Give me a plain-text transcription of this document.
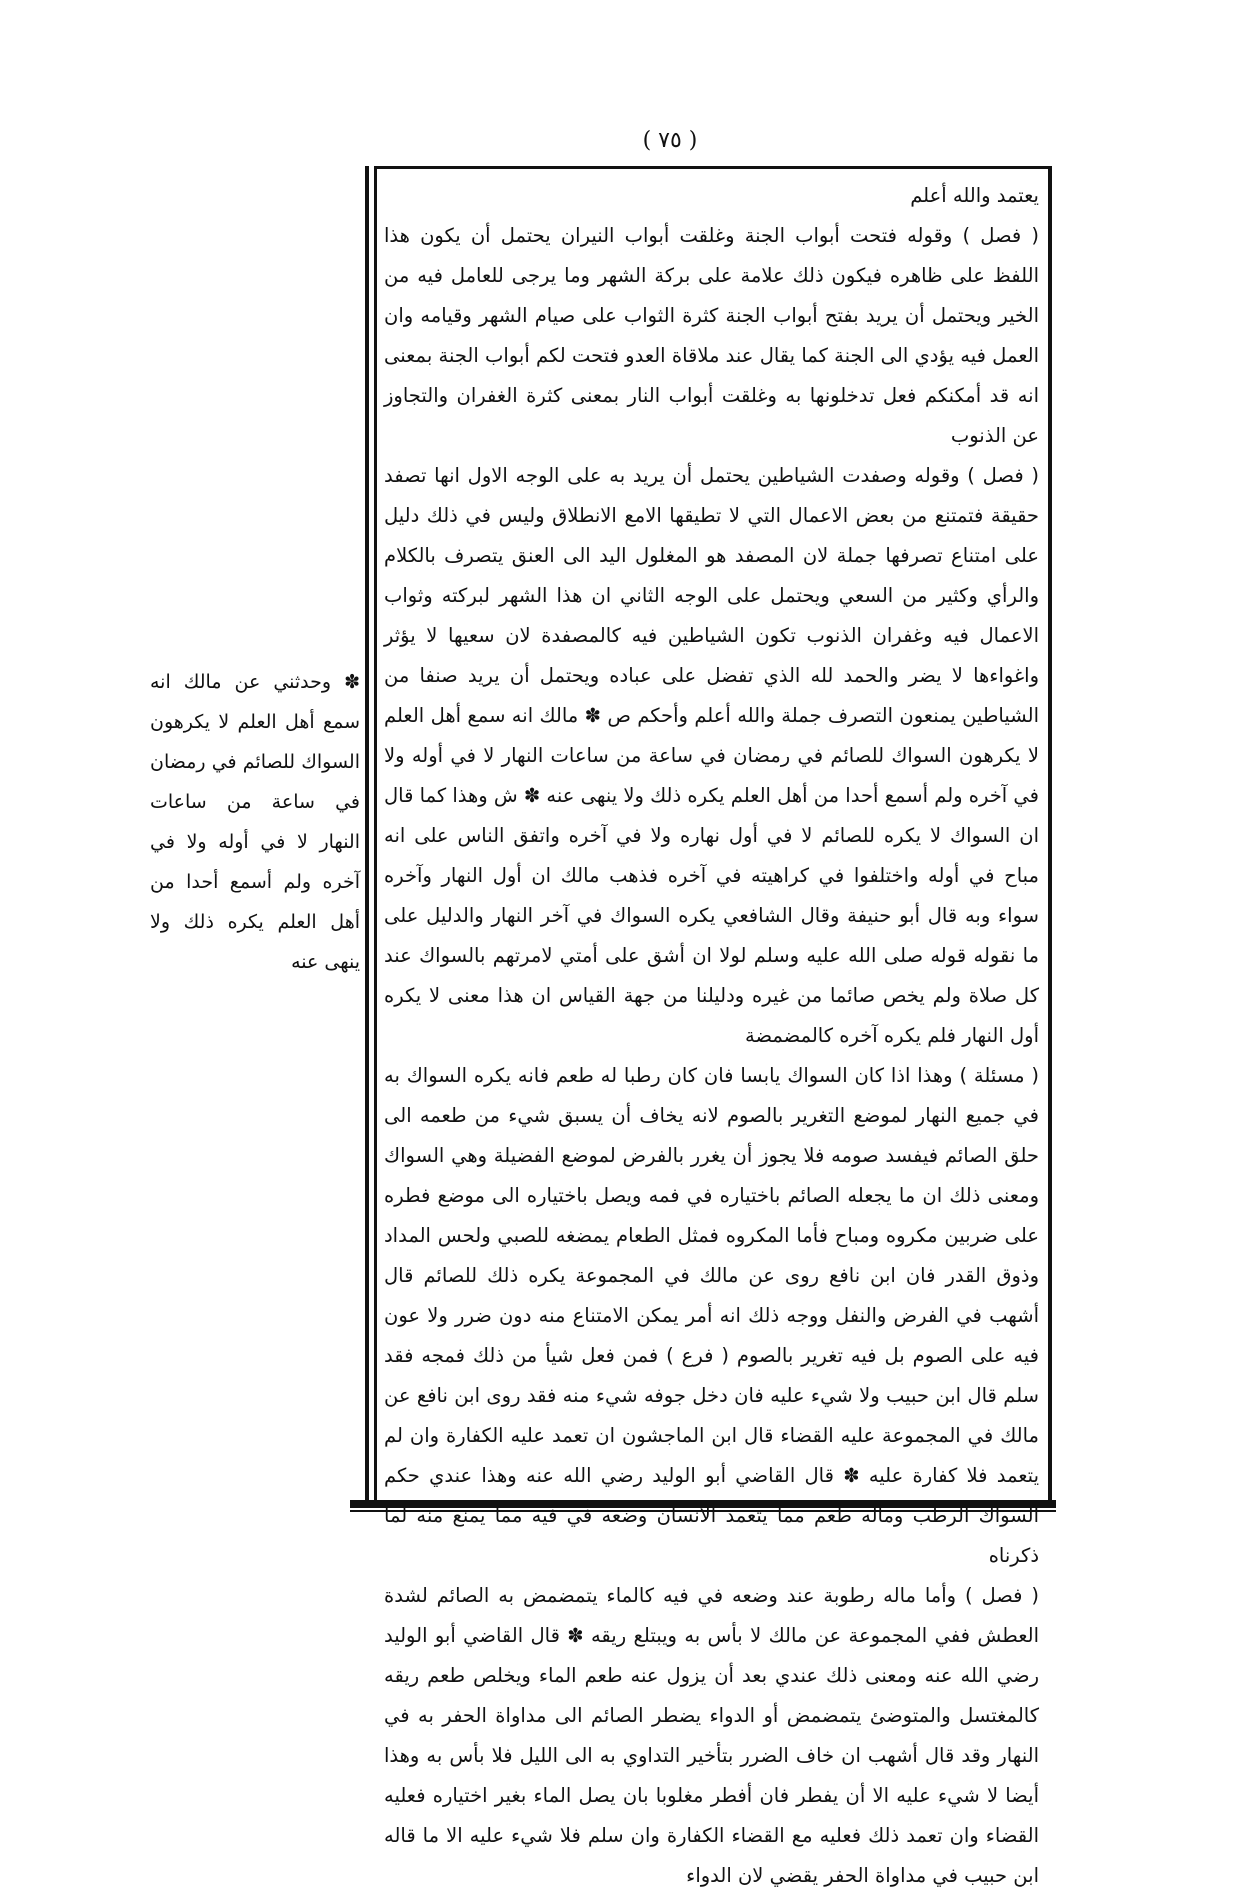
( ٧٥ )

يعتمد والله أعلم

( فصل ) وقوله فتحت أبواب الجنة وغلقت أبواب النيران يحتمل أن يكون هذا اللفظ على ظاهره فيكون ذلك علامة على بركة الشهر وما يرجى للعامل فيه من الخير ويحتمل أن يريد بفتح أبواب الجنة كثرة الثواب على صيام الشهر وقيامه وان العمل فيه يؤدي الى الجنة كما يقال عند ملاقاة العدو فتحت لكم أبواب الجنة بمعنى انه قد أمكنكم فعل تدخلونها به وغلقت أبواب النار بمعنى كثرة الغفران والتجاوز عن الذنوب

( فصل ) وقوله وصفدت الشياطين يحتمل أن يريد به على الوجه الاول انها تصفد حقيقة فتمتنع من بعض الاعمال التي لا تطيقها الامع الانطلاق وليس في ذلك دليل على امتناع تصرفها جملة لان المصفد هو المغلول اليد الى العنق يتصرف بالكلام والرأي وكثير من السعي ويحتمل على الوجه الثاني ان هذا الشهر لبركته وثواب الاعمال فيه وغفران الذنوب تكون الشياطين فيه كالمصفدة لان سعيها لا يؤثر واغواءها لا يضر والحمد لله الذي تفضل على عباده ويحتمل أن يريد صنفا من الشياطين يمنعون التصرف جملة والله أعلم وأحكم ص ✽ مالك انه سمع أهل العلم لا يكرهون السواك للصائم في رمضان في ساعة من ساعات النهار لا في أوله ولا في آخره ولم أسمع أحدا من أهل العلم يكره ذلك ولا ينهى عنه ✽ ش وهذا كما قال ان السواك لا يكره للصائم لا في أول نهاره ولا في آخره واتفق الناس على انه مباح في أوله واختلفوا في كراهيته في آخره فذهب مالك ان أول النهار وآخره سواء وبه قال أبو حنيفة وقال الشافعي يكره السواك في آخر النهار والدليل على ما نقوله قوله صلى الله عليه وسلم لولا ان أشق على أمتي لامرتهم بالسواك عند كل صلاة ولم يخص صائما من غيره ودليلنا من جهة القياس ان هذا معنى لا يكره أول النهار فلم يكره آخره كالمضمضة

( مسئلة ) وهذا اذا كان السواك يابسا فان كان رطبا له طعم فانه يكره السواك به في جميع النهار لموضع التغرير بالصوم لانه يخاف أن يسبق شيء من طعمه الى حلق الصائم فيفسد صومه فلا يجوز أن يغرر بالفرض لموضع الفضيلة وهي السواك ومعنى ذلك ان ما يجعله الصائم باختياره في فمه ويصل باختياره الى موضع فطره على ضربين مكروه ومباح فأما المكروه فمثل الطعام يمضغه للصبي ولحس المداد وذوق القدر فان ابن نافع روى عن مالك في المجموعة يكره ذلك للصائم قال أشهب في الفرض والنفل ووجه ذلك انه أمر يمكن الامتناع منه دون ضرر ولا عون فيه على الصوم بل فيه تغرير بالصوم ( فرع ) فمن فعل شيأ من ذلك فمجه فقد سلم قال ابن حبيب ولا شيء عليه فان دخل جوفه شيء منه فقد روى ابن نافع عن مالك في المجموعة عليه القضاء قال ابن الماجشون ان تعمد عليه الكفارة وان لم يتعمد فلا كفارة عليه ✽ قال القاضي أبو الوليد رضي الله عنه وهذا عندي حكم السواك الرطب وماله طعم مما يتعمد الانسان وضعه في فيه مما يمنع منه لما ذكرناه

( فصل ) وأما ماله رطوبة عند وضعه في فيه كالماء يتمضمض به الصائم لشدة العطش ففي المجموعة عن مالك لا بأس به ويبتلع ريقه ✽ قال القاضي أبو الوليد رضي الله عنه ومعنى ذلك عندي بعد أن يزول عنه طعم الماء ويخلص طعم ريقه كالمغتسل والمتوضئ يتمضمض أو الدواء يضطر الصائم الى مداواة الحفر به في النهار وقد قال أشهب ان خاف الضرر بتأخير التداوي به الى الليل فلا بأس به وهذا أيضا لا شيء عليه الا أن يفطر فان أفطر مغلوبا بان يصل الماء بغير اختياره فعليه القضاء وان تعمد ذلك فعليه مع القضاء الكفارة وان سلم فلا شيء عليه الا ما قاله ابن حبيب في مداواة الحفر يقضي لان الدواء

✽ وحدثني عن مالك انه سمع أهل العلم لا يكرهون السواك للصائم في رمضان في ساعة من ساعات النهار لا في أوله ولا في آخره ولم أسمع أحدا من أهل العلم يكره ذلك ولا ينهى عنه
